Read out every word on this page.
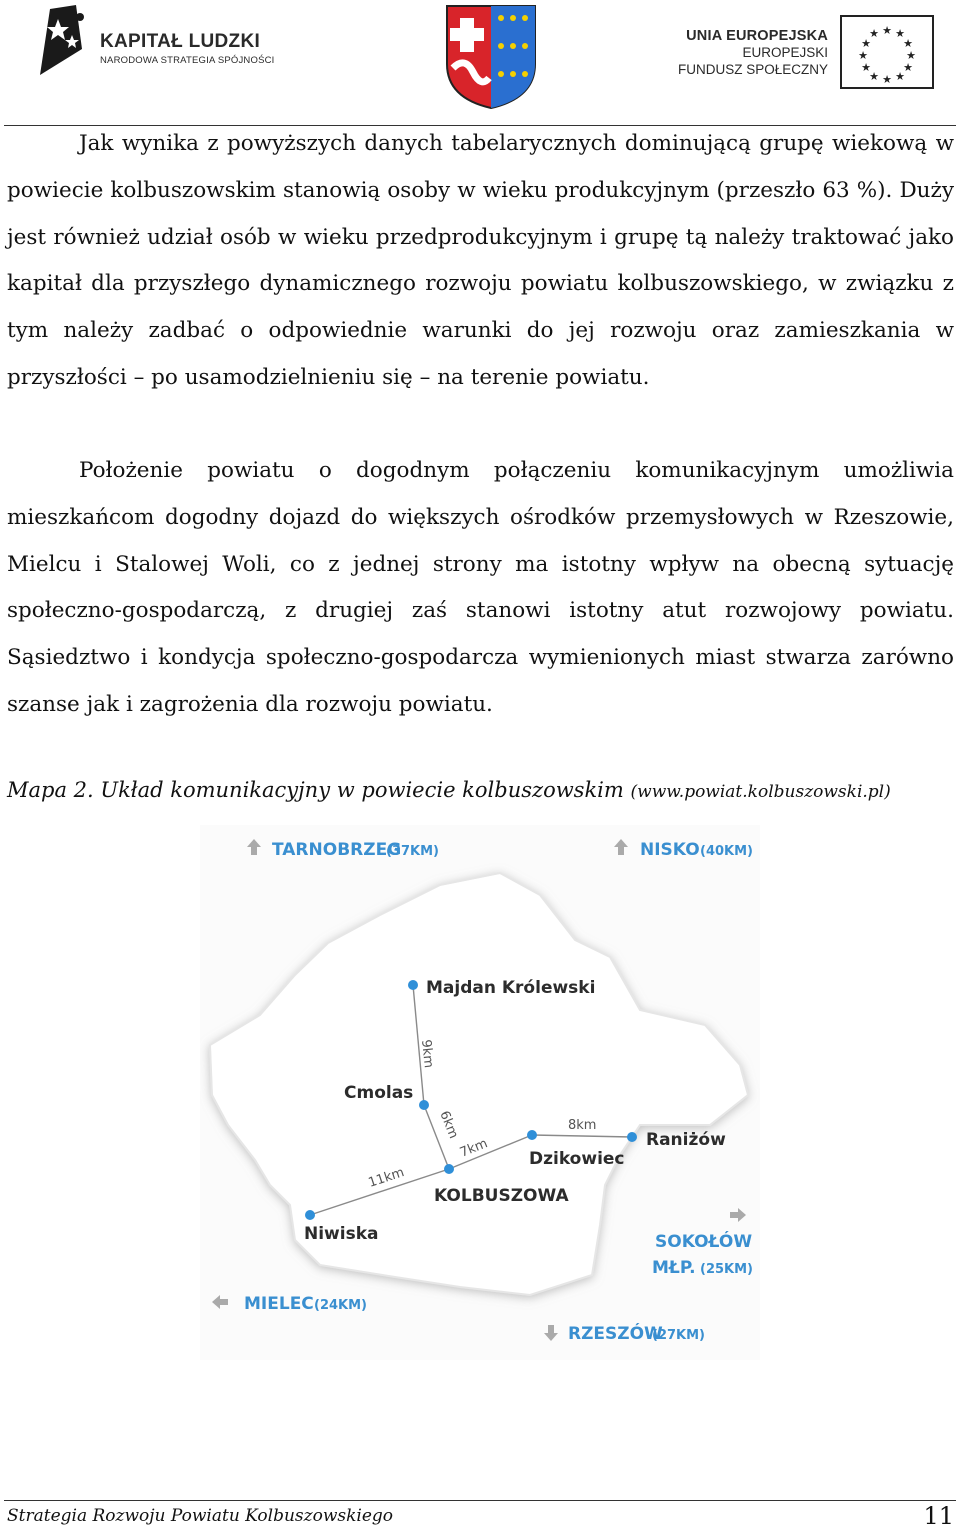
KAPITAŁ LUDZKI
NARODOWA STRATEGIA SPÓJNOŚCI
UNIA EUROPEJSKA
EUROPEJSKI
FUNDUSZ SPOŁECZNY
★ ★
★
★
★
★
★
★
★
★
★
★

Jak wynika z powyższych danych tabelarycznych dominującą grupę wiekową w powiecie kolbuszowskim stanowią osoby w wieku produkcyjnym (przeszło 63 %). Duży jest również udział osób w wieku przedprodukcyjnym i grupę tą należy traktować jako kapitał dla przyszłego dynamicznego rozwoju powiatu kolbuszowskiego, w związku z tym należy zadbać o odpowiednie warunki do jej rozwoju oraz zamieszkania w przyszłości – po usamodzielnieniu się – na terenie powiatu.

Położenie powiatu o dogodnym połączeniu komunikacyjnym umożliwia mieszkańcom dogodny dojazd do większych ośrodków przemysłowych w Rzeszowie, Mielcu i Stalowej Woli, co z jednej strony ma istotny wpływ na obecną sytuację społeczno-gospodarczą, z drugiej zaś stanowi istotny atut rozwojowy powiatu. Sąsiedztwo i kondycja społeczno-gospodarcza wymienionych miast stwarza zarówno szanse jak i zagrożenia dla rozwoju powiatu.

Mapa 2. Układ komunikacyjny w powiecie kolbuszowskim (www.powiat.kolbuszowski.pl)
Majdan Królewski
Cmolas
KOLBUSZOWA
Dzikowiec
Raniżów
Niwiska
9km
6km
7km
8km
11km
TARNOBRZEG
(37KM)	NISKO (40KM)
SOKOŁÓW
MŁP. (25KM)
MIELEC (24KM)
RZESZÓW
(27KM)
Strategia Rozwoju Powiatu Kolbuszowskiego	11
